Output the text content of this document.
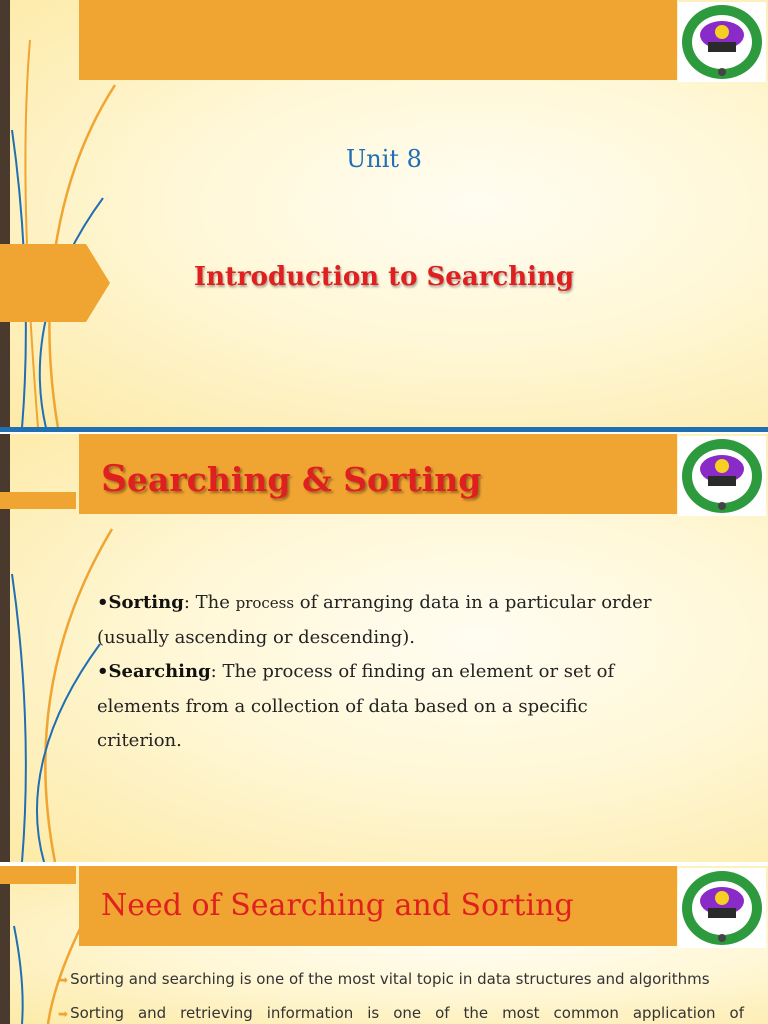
Unit 8
Introduction to Searching
Searching & Sorting
•Sorting: The process of arranging data in a particular order (usually ascending or descending).
•Searching: The process of finding an element or set of elements from a collection of data based on a specific criterion.
Need of Searching and Sorting
➡ Sorting and searching is one of the most vital topic in data structures and algorithms
➡ Sorting and retrieving information is one of the most common application of
